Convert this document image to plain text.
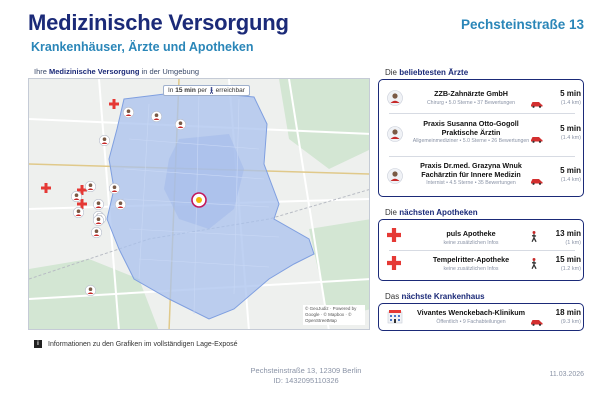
Medizinische Versorgung
Krankenhäuser, Ärzte und Apotheken
Pechsteinstraße 13
Ihre Medizinische Versorgung in der Umgebung
In 15 min per
erreichbar
© GeoJudiz · Powered by Google · © Mapbox · © OpenStreetMap
i	Informationen zu den Grafiken im vollständigen Lage-Exposé
Die beliebtesten Ärzte
ZZB-Zahnärzte GmbH
Chirurg • 5.0 Sterne • 37 Bewertungen
5 min
(1.4 km)
Praxis Susanna Otto-Gogoll Praktische Ärztin
Allgemeinmediziner • 5.0 Sterne • 26 Bewertungen
5 min
(1.4 km)
Praxis Dr.med. Grazyna Wnuk Fachärztin für Innere Medizin
Internist • 4.5 Sterne • 35 Bewertungen
5 min
(1.4 km)
Die nächsten Apotheken
puls Apotheke
keine zusätzlichen Infos
13 min
(1 km)
Tempelritter-Apotheke
keine zusätzlichen Infos
15 min
(1.2 km)
Das nächste Krankenhaus
Vivantes Wenckebach-Klinikum
Öffentlich • 9 Fachabteilungen
18 min
(9.3 km)
Pechsteinstraße 13, 12309 Berlin
ID: 1432095110326
11.03.2026
